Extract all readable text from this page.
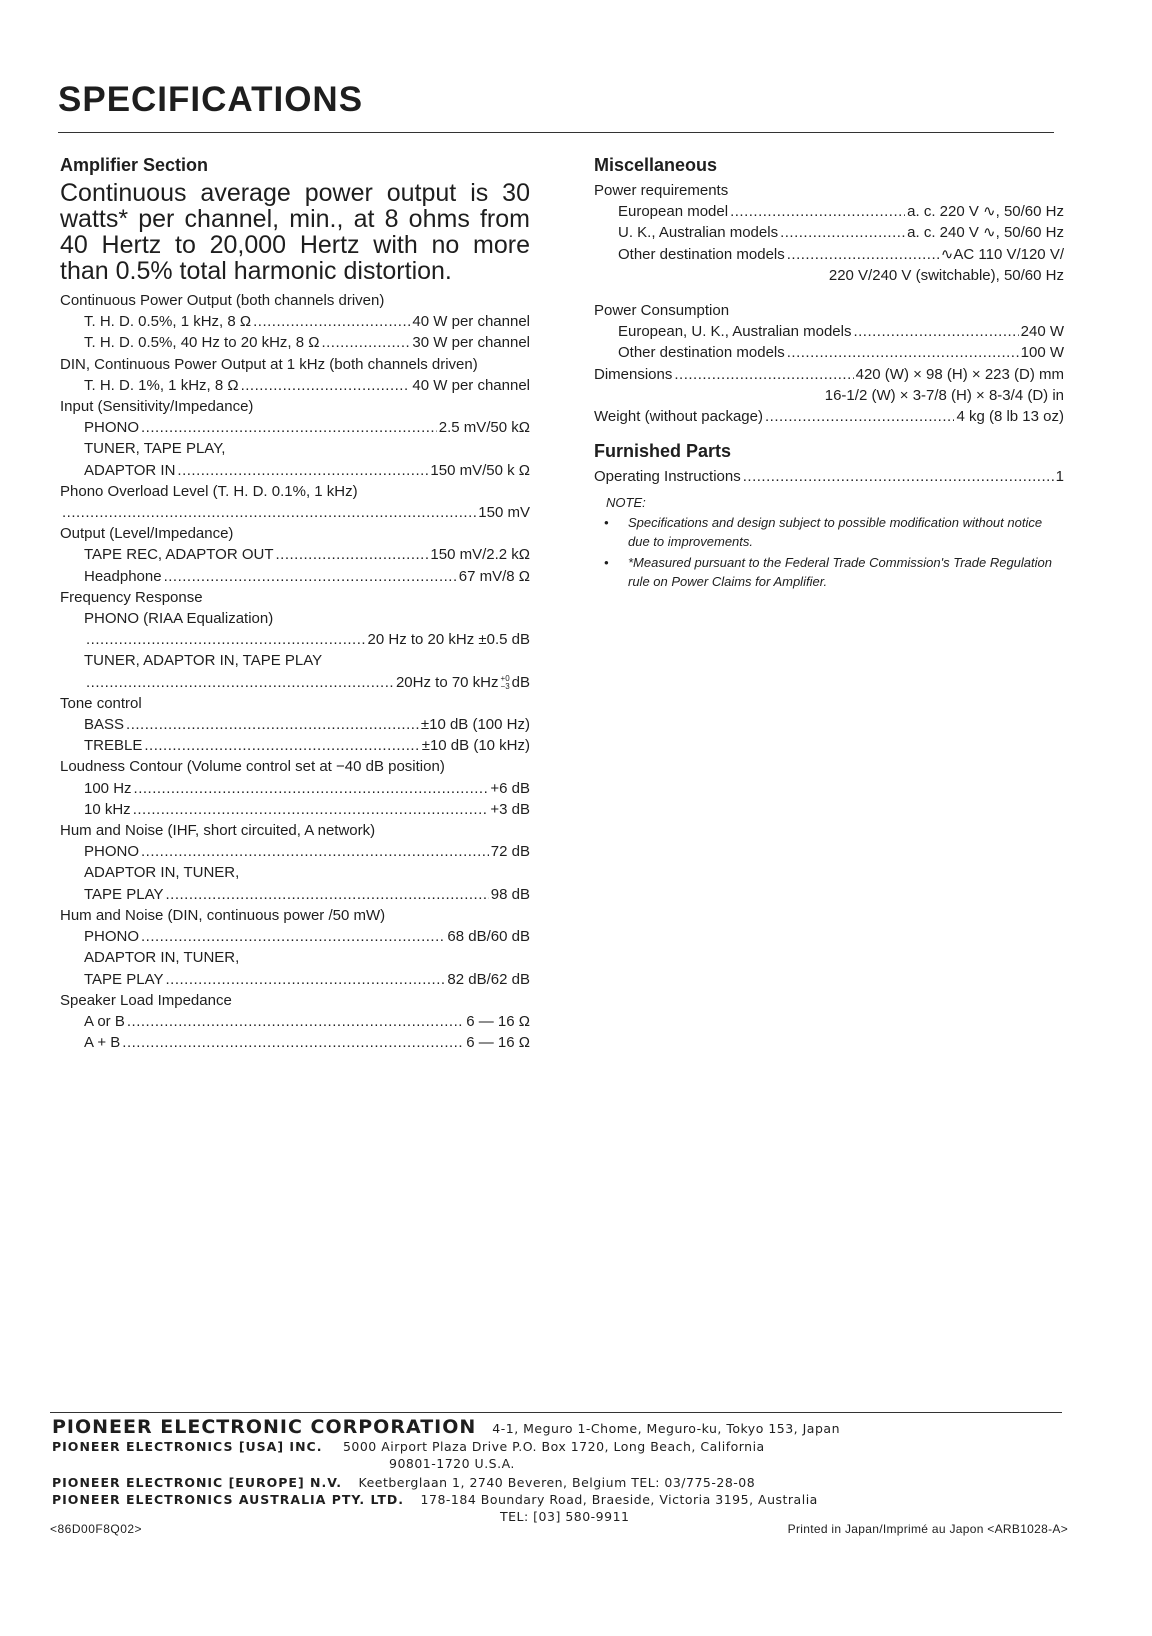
SPECIFICATIONS
Amplifier Section

Continuous average power output is 30 watts* per channel, min., at 8 ohms from 40 Hertz to 20,000 Hertz with no more than 0.5% total harmonic distortion.

Continuous Power Output (both channels driven)
T. H. D. 0.5%, 1 kHz, 8 Ω .....	40 W per channel
T. H. D. 0.5%, 40 Hz to 20 kHz, 8 Ω .....	30 W per channel
DIN, Continuous Power Output at 1 kHz (both channels driven)
T. H. D. 1%, 1 kHz, 8 Ω .....	40 W per channel
Input (Sensitivity/Impedance)
PHONO .....	2.5 mV/50 kΩ
TUNER, TAPE PLAY,
ADAPTOR IN .....	150 mV/50 k Ω
Phono Overload Level (T. H. D. 0.1%, 1 kHz)
.....
150 mV
Output (Level/Impedance)
TAPE REC, ADAPTOR OUT .....	150 mV/2.2 kΩ
Headphone .....	67 mV/8 Ω
Frequency Response
PHONO (RIAA Equalization)
.....
20 Hz to 20 kHz ±0.5 dB
TUNER, ADAPTOR IN, TAPE PLAY
.....
20Hz to 70 kHz +0
−3 dB
Tone control
BASS .....	±10 dB (100 Hz)
TREBLE .....	±10 dB (10 kHz)
Loudness Contour (Volume control set at −40 dB position)
100 Hz .....	+6 dB
10 kHz .....	+3 dB
Hum and Noise (IHF, short circuited, A network)
PHONO .....	72 dB
ADAPTOR IN, TUNER,
TAPE PLAY .....	98 dB
Hum and Noise (DIN, continuous power /50 mW)
PHONO .....	68 dB/60 dB
ADAPTOR IN, TUNER,
TAPE PLAY .....	82 dB/62 dB
Speaker Load Impedance
A or B .....	6 — 16 Ω
A + B .....	6 — 16 Ω
Miscellaneous
Power requirements
European model .....	a. c. 220 V ∿, 50/60 Hz
U. K., Australian models .....	a. c. 240 V ∿, 50/60 Hz
Other destination models .....	∿AC 110 V/120 V/
220 V/240 V (switchable), 50/60 Hz
Power Consumption
European, U. K., Australian models .....	240 W
Other destination models .....	100 W
Dimensions .....	420 (W) × 98 (H) × 223 (D) mm
16-1/2 (W) × 3-7/8 (H) × 8-3/4 (D) in
Weight (without package) .....	4 kg (8 lb 13 oz)
Furnished Parts
Operating Instructions .....	1
NOTE:
• Specifications and design subject to possible modification without notice due to improvements.
• *Measured pursuant to the Federal Trade Commission's Trade Regulation rule on Power Claims for Amplifier.
PIONEER ELECTRONIC CORPORATION 4-1, Meguro 1-Chome, Meguro-ku, Tokyo 153, Japan
PIONEER ELECTRONICS [USA] INC. 5000 Airport Plaza Drive P.O. Box 1720, Long Beach, California
90801-1720 U.S.A.
PIONEER ELECTRONIC [EUROPE] N.V. Keetberglaan 1, 2740 Beveren, Belgium TEL: 03/775-28-08
PIONEER ELECTRONICS AUSTRALIA PTY. LTD. 178-184 Boundary Road, Braeside, Victoria 3195, Australia
TEL: [03] 580-9911
<86D00F8Q02>	Printed in Japan/Imprimé au Japon <ARB1028-A>
